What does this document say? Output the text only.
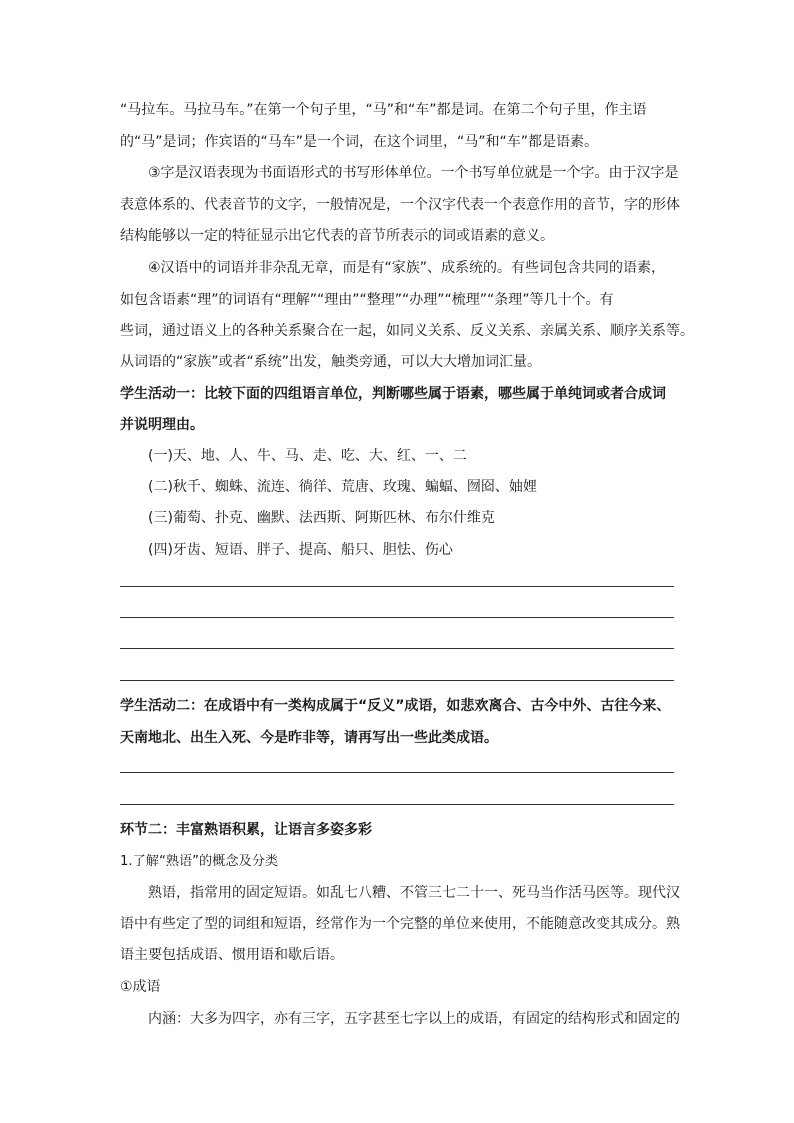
“马拉车。马拉马车。”在第一个句子里，“马”和“车”都是词。在第二个句子里，作主语
的“马”是词；作宾语的“马车”是一个词，在这个词里，“马”和“车”都是语素。
③字是汉语表现为书面语形式的书写形体单位。一个书写单位就是一个字。由于汉字是
表意体系的、代表音节的文字，一般情况是，一个汉字代表一个表意作用的音节，字的形体
结构能够以一定的特征显示出它代表的音节所表示的词或语素的意义。
④汉语中的词语并非杂乱无章，而是有“家族”、成系统的。有些词包含共同的语素，
如包含语素“理”的词语有“理解”“理由”“整理”“办理”“梳理”“条理”等几十个。有
些词，通过语义上的各种关系聚合在一起，如同义关系、反义关系、亲属关系、顺序关系等。
从词语的“家族”或者“系统”出发，触类旁通，可以大大增加词汇量。
学生活动一：比较下面的四组语言单位，判断哪些属于语素，哪些属于单纯词或者合成词
并说明理由。
(一)天、地、人、牛、马、走、吃、大、红、一、二
(二)秋千、蜘蛛、流连、徜徉、荒唐、玫瑰、蝙蝠、囫囵、妯娌
(三)葡萄、扑克、幽默、法西斯、阿斯匹林、布尔什维克
(四)牙齿、短语、胖子、提高、船只、胆怯、伤心
学生活动二：在成语中有一类构成属于“反义”成语，如悲欢离合、古今中外、古往今来、
天南地北、出生入死、今是昨非等，请再写出一些此类成语。
环节二：丰富熟语积累，让语言多姿多彩
1.了解“熟语”的概念及分类
熟语，指常用的固定短语。如乱七八糟、不管三七二十一、死马当作活马医等。现代汉
语中有些定了型的词组和短语，经常作为一个完整的单位来使用，不能随意改变其成分。熟
语主要包括成语、惯用语和歇后语。
①成语
内涵：大多为四字，亦有三字，五字甚至七字以上的成语，有固定的结构形式和固定的
